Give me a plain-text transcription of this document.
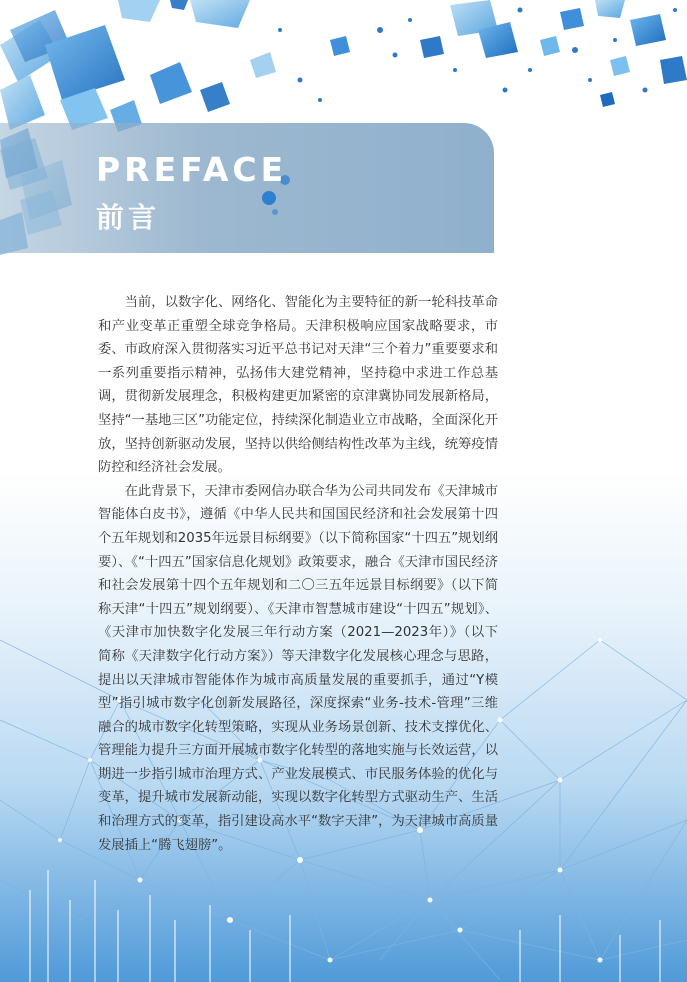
PREFACE
前言

当前，以数字化、网络化、智能化为主要特征的新一轮科技革命和产业变革正重塑全球竞争格局。天津积极响应国家战略要求，市委、市政府深入贯彻落实习近平总书记对天津“三个着力”重要要求和一系列重要指示精神，弘扬伟大建党精神，坚持稳中求进工作总基调，贯彻新发展理念，积极构建更加紧密的京津冀协同发展新格局，坚持“一基地三区”功能定位，持续深化制造业立市战略，全面深化开放，坚持创新驱动发展，坚持以供给侧结构性改革为主线，统筹疫情防控和经济社会发展。

在此背景下，天津市委网信办联合华为公司共同发布《天津城市智能体白皮书》，遵循《中华人民共和国国民经济和社会发展第十四个五年规划和2035年远景目标纲要》（以下简称国家“十四五”规划纲要）、《“十四五”国家信息化规划》政策要求，融合《天津市国民经济和社会发展第十四个五年规划和二〇三五年远景目标纲要》（以下简称天津“十四五”规划纲要）、《天津市智慧城市建设“十四五”规划》、《天津市加快数字化发展三年行动方案（2021—2023年）》（以下简称《天津数字化行动方案》）等天津数字化发展核心理念与思路，提出以天津城市智能体作为城市高质量发展的重要抓手，通过“Y模型”指引城市数字化创新发展路径，深度探索“业务-技术-管理”三维融合的城市数字化转型策略，实现从业务场景创新、技术支撑优化、管理能力提升三方面开展城市数字化转型的落地实施与长效运营，以期进一步指引城市治理方式、产业发展模式、市民服务体验的优化与变革，提升城市发展新动能，实现以数字化转型方式驱动生产、生活和治理方式的变革，指引建设高水平“数字天津”，为天津城市高质量发展插上“腾飞翅膀”。
